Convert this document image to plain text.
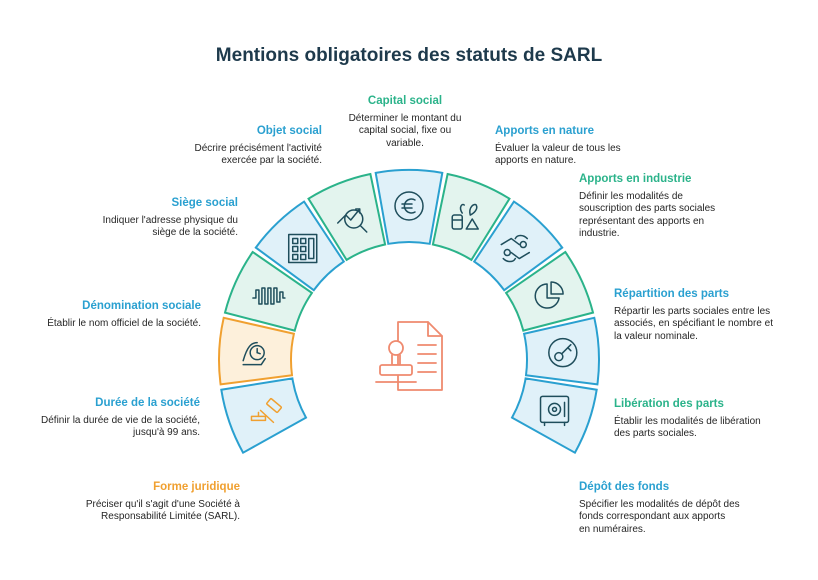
Mentions obligatoires des statuts de SARL
Capital social
Déterminer le montant du
capital social, fixe ou
variable.
Objet social
Décrire précisément l'activité
exercée par la société.
Apports en nature
Évaluer la valeur de tous les
apports en nature.
Siège social
Indiquer l'adresse physique du
siège de la société.
Apports en industrie
Définir les modalités de
souscription des parts sociales
représentant des apports en
industrie.
Dénomination sociale
Établir le nom officiel de la société.
Répartition des parts
Répartir les parts sociales entre les
associés, en spécifiant le nombre et
la valeur nominale.
Durée de la société
Définir la durée de vie de la société,
jusqu'à 99 ans.
Libération des parts
Établir les modalités de libération
des parts sociales.
Forme juridique
Préciser qu'il s'agit d'une Société à
Responsabilité Limitée (SARL).
Dépôt des fonds
Spécifier les modalités de dépôt des
fonds correspondant aux apports
en numéraires.
